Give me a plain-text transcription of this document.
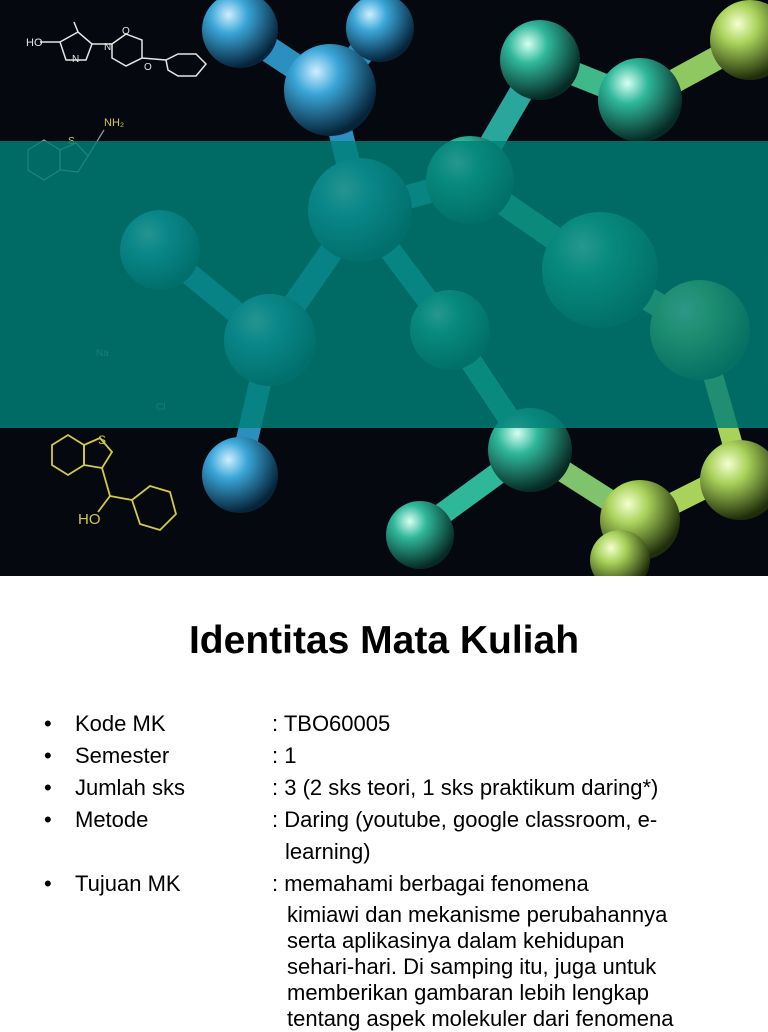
HO
NH₂
HO
S
N
N
O
O
Identitas Mata Kuliah
• Kode MK	: TBO60005
• Semester	: 1
• Jumlah sks	: 3 (2 sks teori, 1 sks praktikum daring*)
• Metode	: Daring (youtube, google classroom, e-
learning)
• Tujuan MK	: memahami berbagai fenomena
kimiawi dan mekanisme perubahannya
serta aplikasinya dalam kehidupan
sehari-hari. Di samping itu, juga untuk
memberikan gambaran lebih lengkap
tentang aspek molekuler dari fenomena
